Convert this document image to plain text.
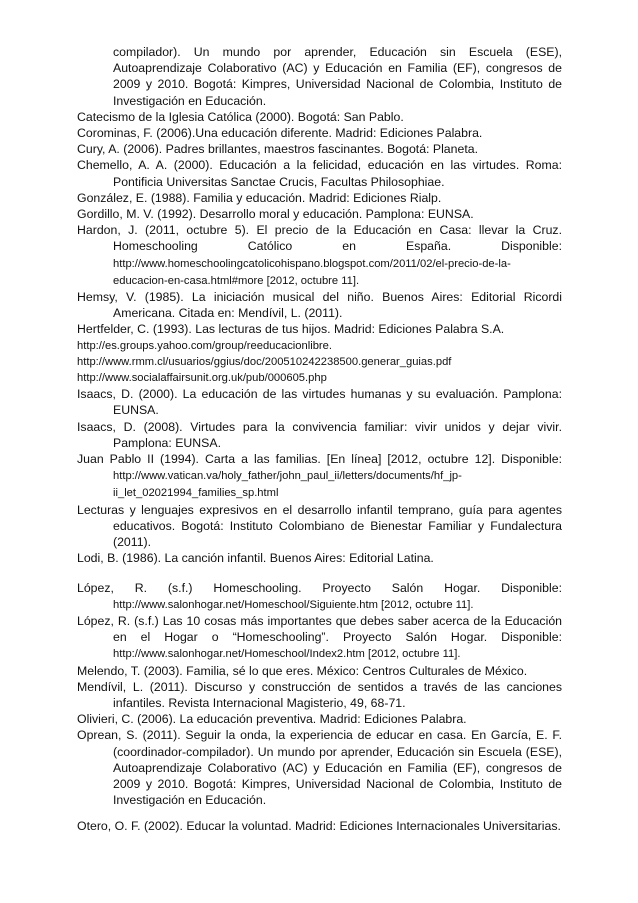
compilador). Un mundo por aprender, Educación sin Escuela (ESE), Autoaprendizaje Colaborativo (AC) y Educación en Familia (EF), congresos de 2009 y 2010. Bogotá: Kimpres, Universidad Nacional de Colombia, Instituto de Investigación en Educación.

Catecismo de la Iglesia Católica (2000). Bogotá: San Pablo.

Corominas, F. (2006).Una educación diferente. Madrid: Ediciones Palabra.

Cury, A. (2006). Padres brillantes, maestros fascinantes. Bogotá: Planeta.

Chemello, A. A. (2000). Educación a la felicidad, educación en las virtudes. Roma: Pontificia Universitas Sanctae Crucis, Facultas Philosophiae.

González, E. (1988). Familia y educación. Madrid: Ediciones Rialp.

Gordillo, M. V. (1992). Desarrollo moral y educación. Pamplona: EUNSA.

Hardon, J. (2011, octubre 5). El precio de la Educación en Casa: llevar la Cruz. Homeschooling Católico en España. Disponible: http://www.homeschoolingcatolicohispano.blogspot.com/2011/02/el-precio-de-la-educacion-en-casa.html#more [2012, octubre 11].

Hemsy, V. (1985). La iniciación musical del niño. Buenos Aires: Editorial Ricordi Americana. Citada en: Mendívil, L. (2011).

Hertfelder, C. (1993). Las lecturas de tus hijos. Madrid: Ediciones Palabra S.A.

http://es.groups.yahoo.com/group/reeducacionlibre.

http://www.rmm.cl/usuarios/ggius/doc/200510242238500.generar_guias.pdf

http://www.socialaffairsunit.org.uk/pub/000605.php

Isaacs, D. (2000). La educación de las virtudes humanas y su evaluación. Pamplona: EUNSA.

Isaacs, D. (2008). Virtudes para la convivencia familiar: vivir unidos y dejar vivir. Pamplona: EUNSA.

Juan Pablo II (1994). Carta a las familias. [En línea] [2012, octubre 12]. Disponible: http://www.vatican.va/holy_father/john_paul_ii/letters/documents/hf_jp-ii_let_02021994_families_sp.html

Lecturas y lenguajes expresivos en el desarrollo infantil temprano, guía para agentes educativos. Bogotá: Instituto Colombiano de Bienestar Familiar y Fundalectura (2011).

Lodi, B. (1986). La canción infantil. Buenos Aires: Editorial Latina.

López, R. (s.f.) Homeschooling. Proyecto Salón Hogar. Disponible: http://www.salonhogar.net/Homeschool/Siguiente.htm [2012, octubre 11].

López, R. (s.f.) Las 10 cosas más importantes que debes saber acerca de la Educación en el Hogar o “Homeschooling”. Proyecto Salón Hogar. Disponible: http://www.salonhogar.net/Homeschool/Index2.htm [2012, octubre 11].

Melendo, T. (2003). Familia, sé lo que eres. México: Centros Culturales de México.

Mendívil, L. (2011). Discurso y construcción de sentidos a través de las canciones infantiles. Revista Internacional Magisterio, 49, 68-71.

Olivieri, C. (2006). La educación preventiva. Madrid: Ediciones Palabra.

Oprean, S. (2011). Seguir la onda, la experiencia de educar en casa. En García, E. F. (coordinador-compilador). Un mundo por aprender, Educación sin Escuela (ESE), Autoaprendizaje Colaborativo (AC) y Educación en Familia (EF), congresos de 2009 y 2010. Bogotá: Kimpres, Universidad Nacional de Colombia, Instituto de Investigación en Educación.

Otero, O. F. (2002). Educar la voluntad. Madrid: Ediciones Internacionales Universitarias.
